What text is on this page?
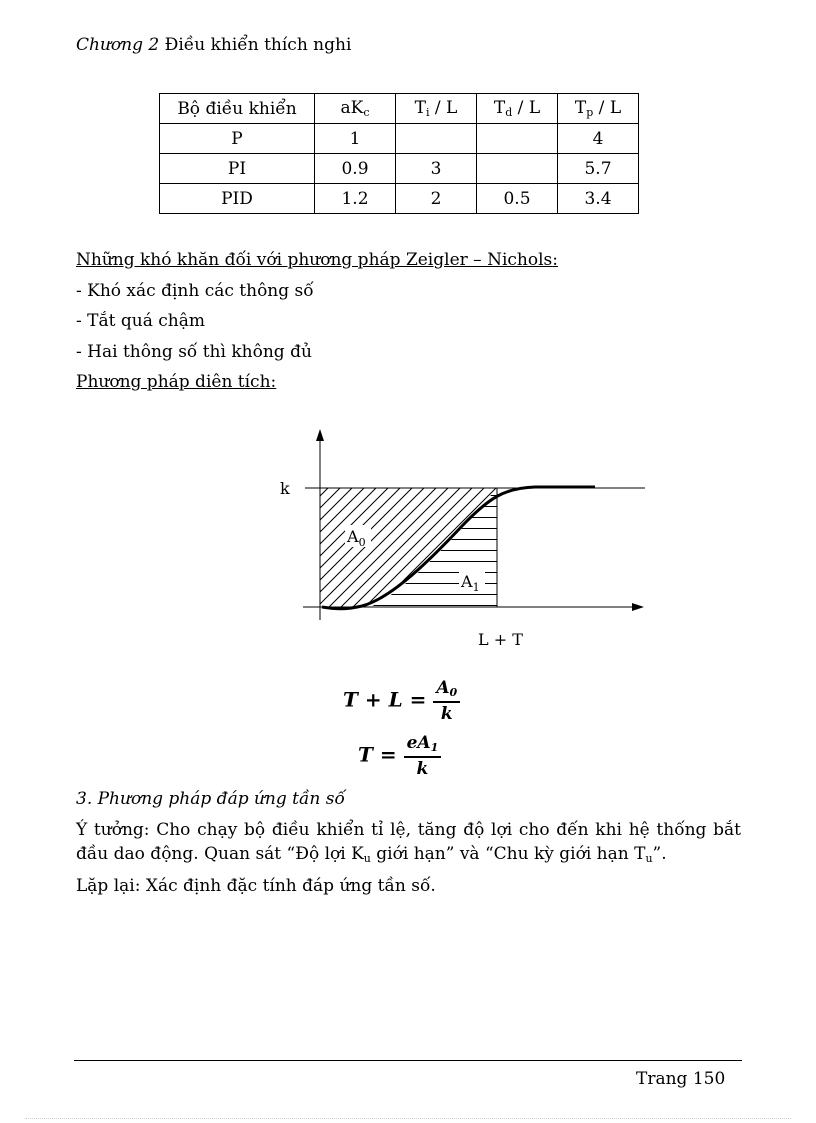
Chương 2 Điều khiển thích nghi
Bộ điều khiển	$aK_c$	$T_i$ / L	$T_d$ / L	$T_p$ / L
P	1			4
PI	0.9	3		5.7
PID	1.2	2	0.5	3.4
Những khó khăn đối với phương pháp Zeigler – Nichols:
- Khó xác định các thông số
- Tắt quá chậm
- Hai thông số thì không đủ
Phương pháp diên tích:
k
$A_0$
$A_1$
L + T
$T + L = \frac{A_0}{k}$
$T = \frac{eA_1}{k}$
3. Phương pháp đáp ứng tần số
Ý tưởng: Cho chạy bộ điều khiển tỉ lệ, tăng độ lợi cho đến khi hệ thống bắt đầu dao động. Quan sát “Độ lợi $K_u$ giới hạn” và “Chu kỳ giới hạn $T_u$”.
Lặp lại: Xác định đặc tính đáp ứng tần số.
Trang 150
